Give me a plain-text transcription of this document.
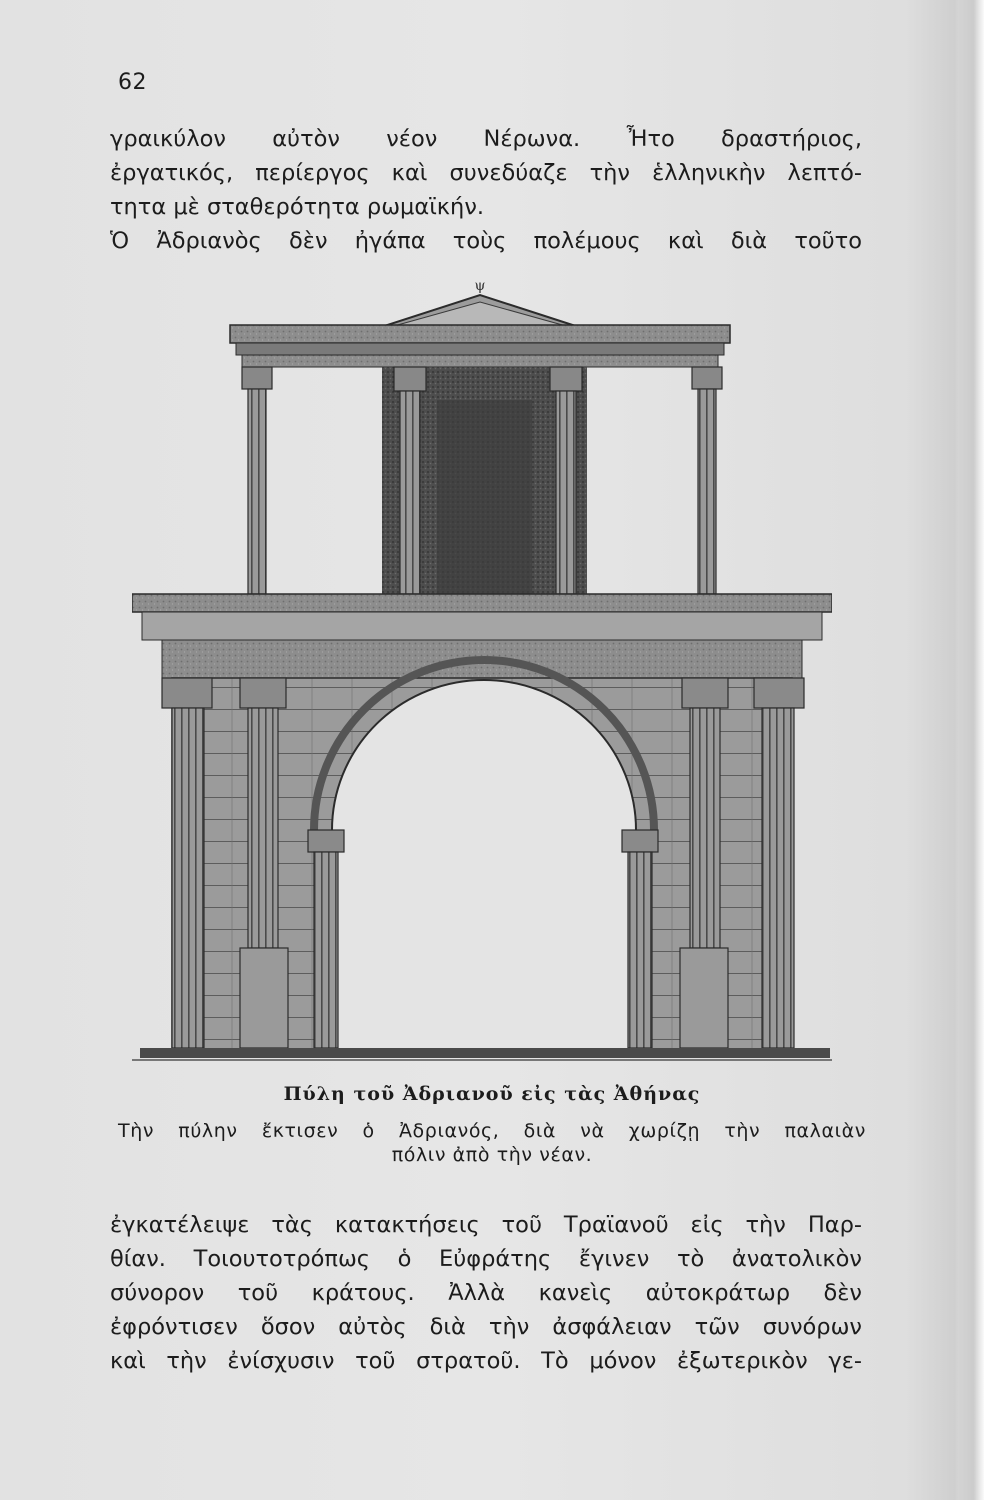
62
γραικύλον αὐτὸν νέον Νέρωνα. Ἦτο δραστήριος,
ἐργατικός, περίεργος καὶ συνεδύαζε τὴν ἑλληνικὴν λεπτό-
τητα μὲ σταθερότητα ρωμαϊκήν.
Ὁ Ἀδριανὸς δὲν ἠγάπα τοὺς πολέμους καὶ διὰ τοῦτο
ψ
Πύλη τοῦ Ἀδριανοῦ εἰς τὰς Ἀθήνας
Τὴν πύλην ἔκτισεν ὁ Ἀδριανός, διὰ νὰ χωρίζῃ τὴν παλαιὰν
πόλιν ἀπὸ τὴν νέαν.
ἐγκατέλειψε τὰς κατακτήσεις τοῦ Τραϊανοῦ εἰς τὴν Παρ-
θίαν. Τοιουτοτρόπως ὁ Εὐφράτης ἔγινεν τὸ ἀνατολικὸν
σύνορον τοῦ κράτους. Ἀλλὰ κανεὶς αὐτοκράτωρ δὲν
ἐφρόντισεν ὅσον αὐτὸς διὰ τὴν ἀσφάλειαν τῶν συνόρων
καὶ τὴν ἐνίσχυσιν τοῦ στρατοῦ. Τὸ μόνον ἐξωτερικὸν γε-
